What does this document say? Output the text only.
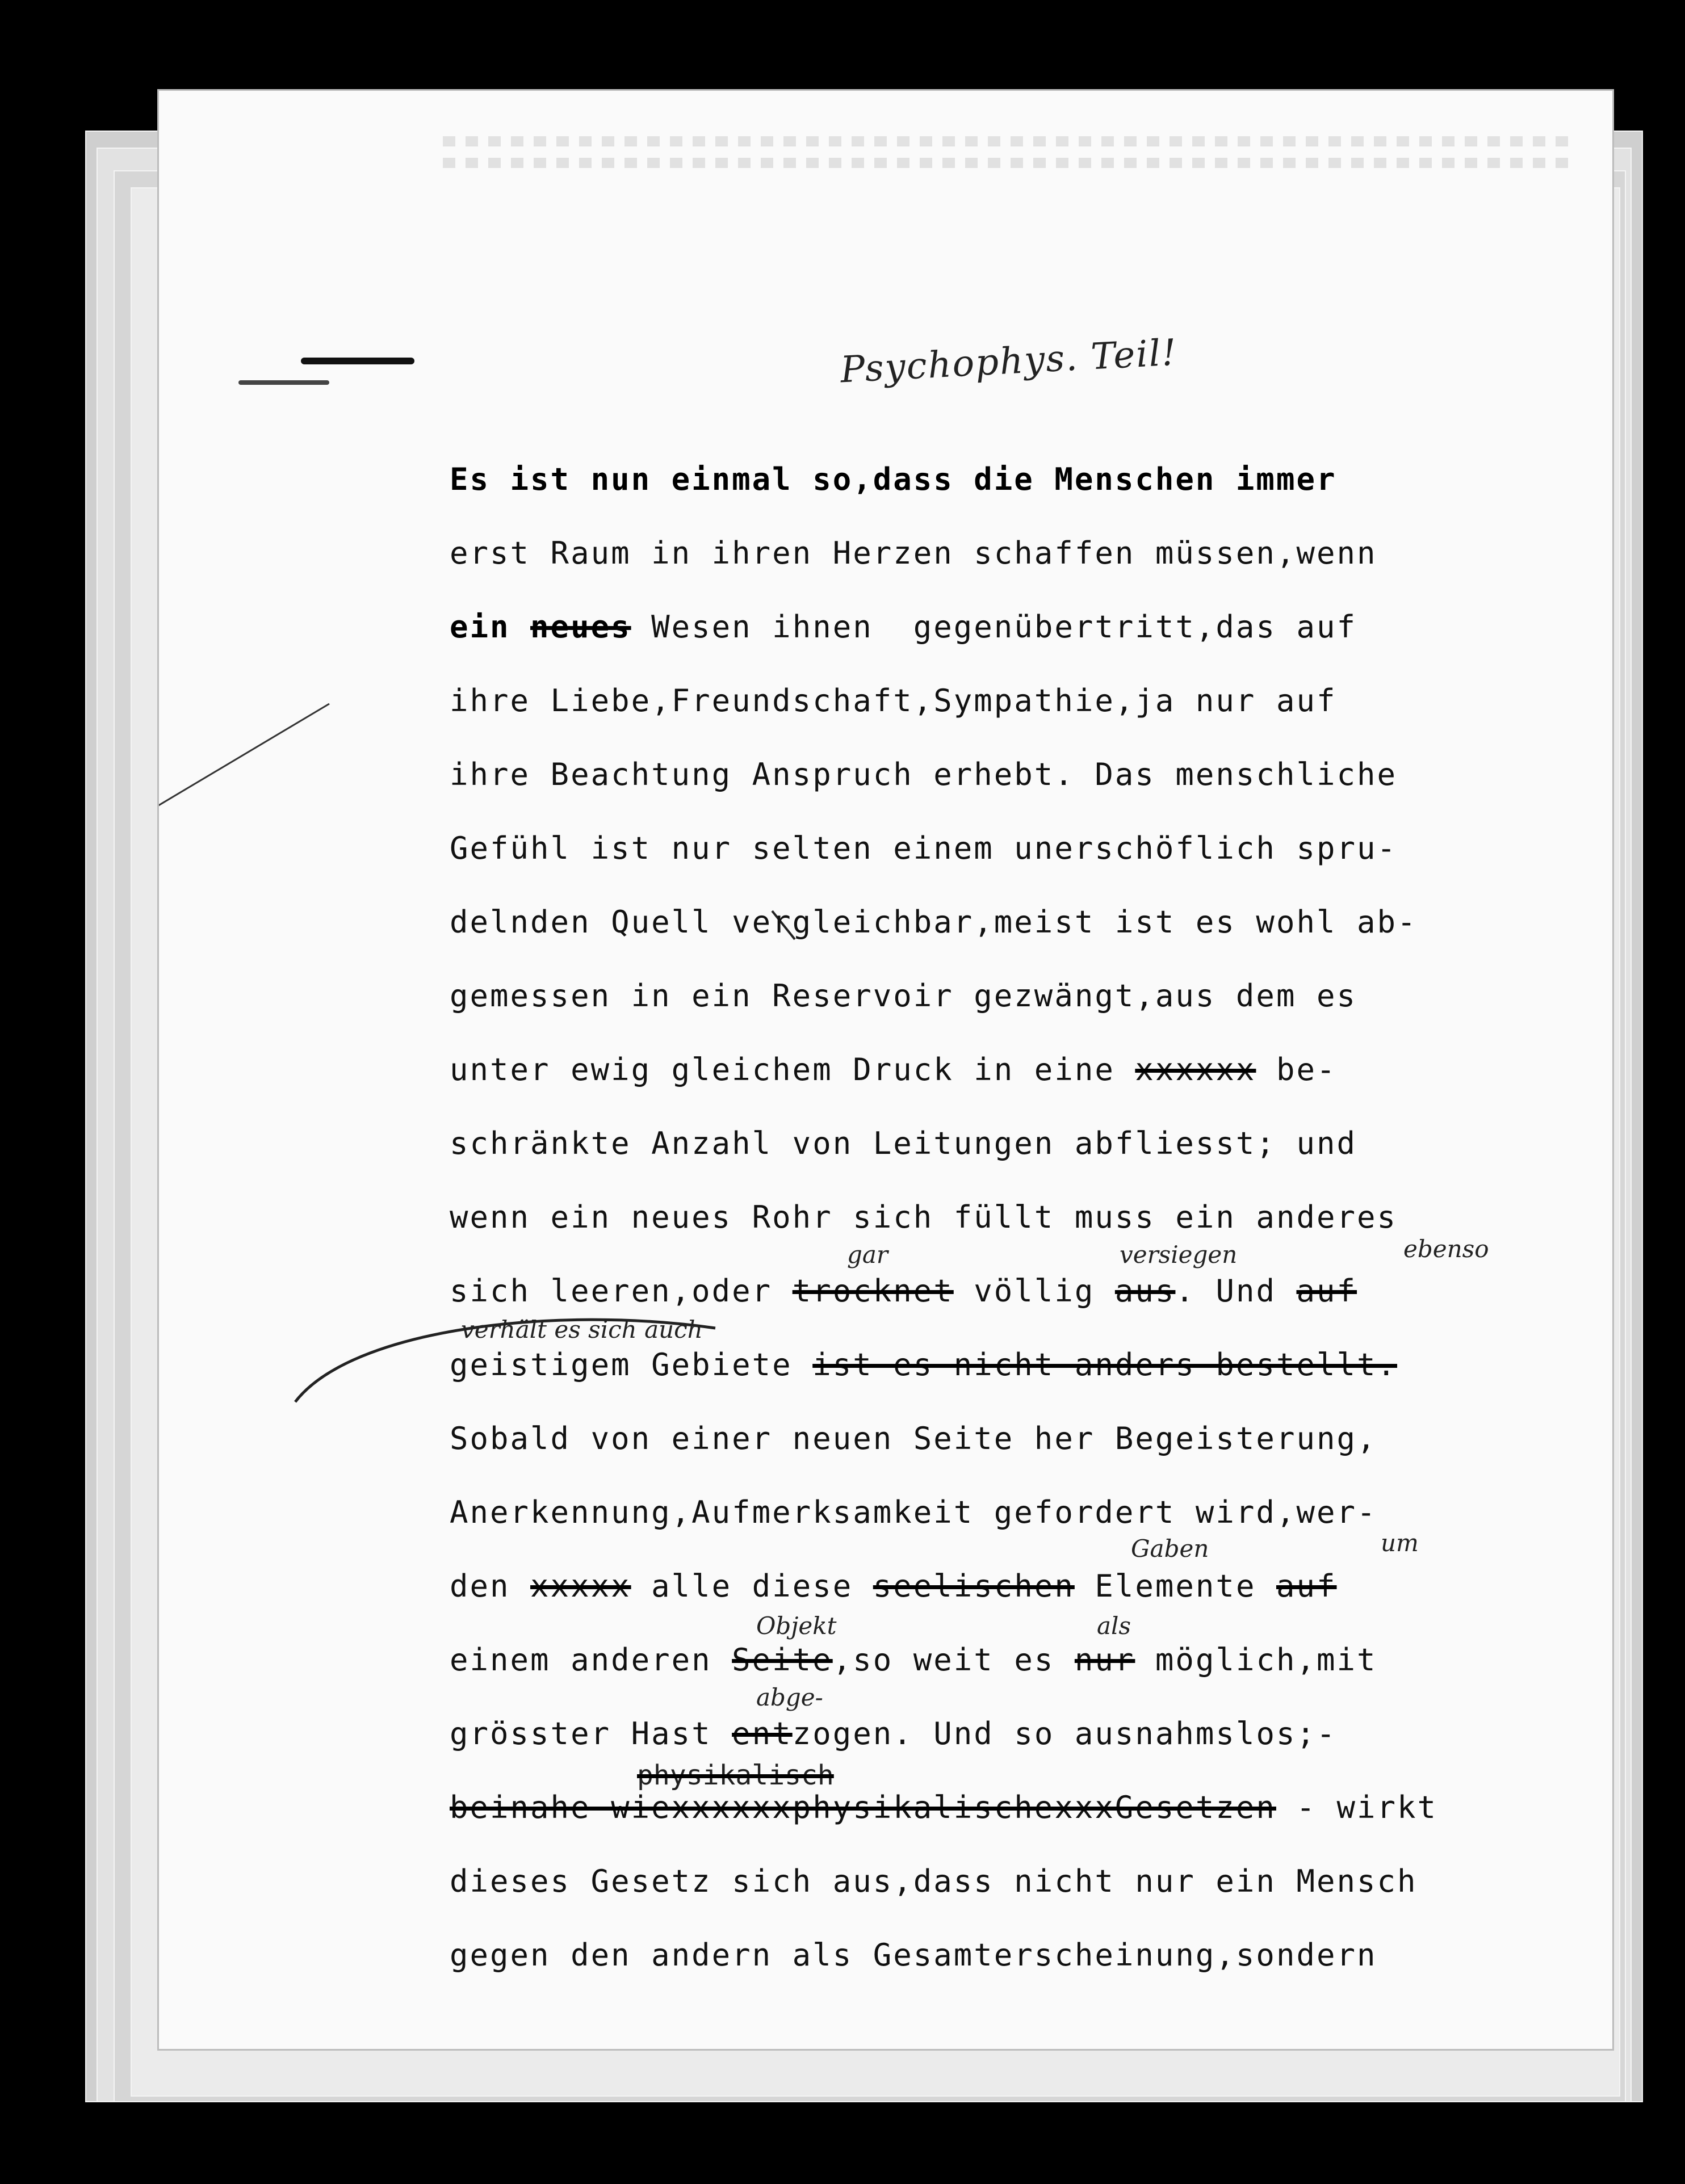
Psychophys. Teil!
Es ist nun einmal so,dass die Menschen immer
erst Raum in ihren Herzen schaffen müssen,wenn
ein neues Wesen ihnen  gegenübertritt,das auf
ihre Liebe,Freundschaft,Sympathie,ja nur auf
ihre Beachtung Anspruch erhebt. Das menschliche
Gefühl ist nur selten einem unerschöflich spru-
delnden Quell vergleichbar,meist ist es wohl ab-
gemessen in ein Reservoir gezwängt,aus dem es
unter ewig gleichem Druck in eine xxxxxx be-
schränkte Anzahl von Leitungen abfliesst; und
wenn ein neues Rohr sich füllt muss ein anderes
sich leeren,oder trocknet völlig aus. Und auf

gar

	versiegen

	ebenso

geistigem Gebiete ist es nicht anders bestellt.

verhält es sich auch

Sobald von einer neuen Seite her Begeisterung,
Anerkennung,Aufmerksamkeit gefordert wird,wer-
den xxxxx alle diese seelischen Elemente auf

Gaben

	um

einem anderen Seite,so weit es nur möglich,mit

Objekt

	als

grösster Hast entzogen. Und so ausnahmslos;-

abge-

beinahe wiexxxxxxphysikalischexxxGesetzen - wirkt

physikalisch

dieses Gesetz sich aus,dass nicht nur ein Mensch
gegen den andern als Gesamterscheinung,sondern
